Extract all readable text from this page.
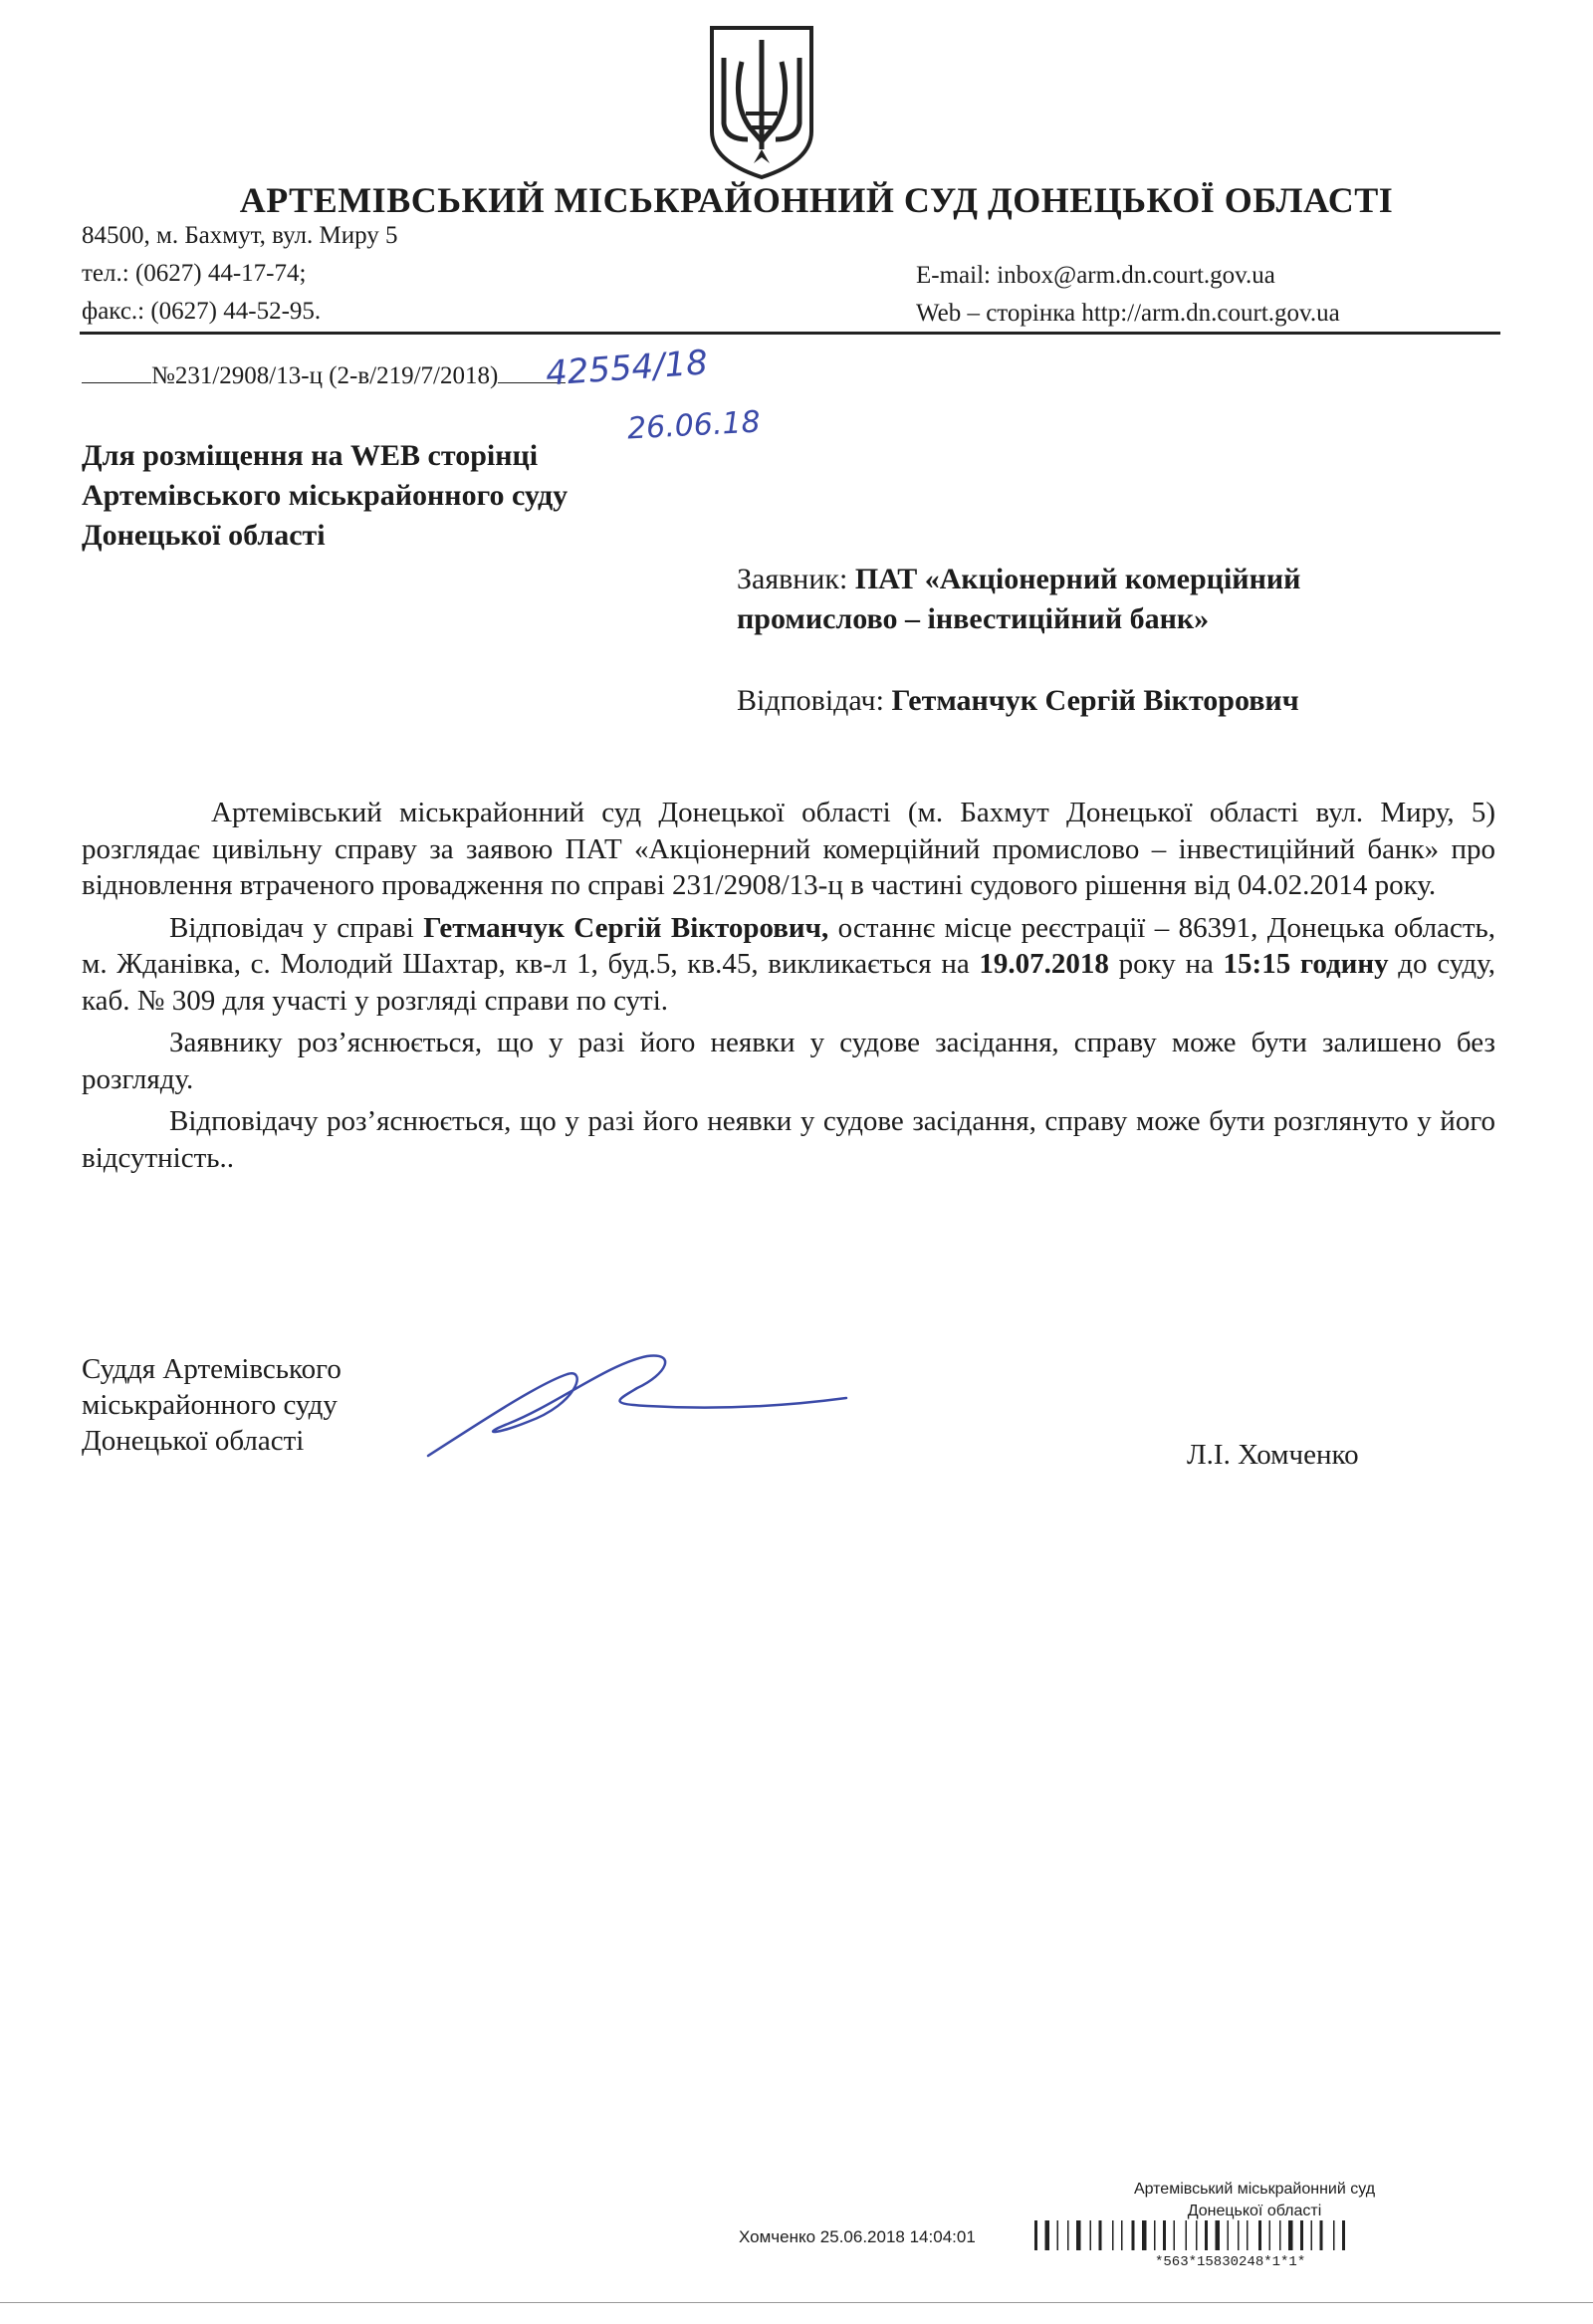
АРТЕМІВСЬКИЙ МІСЬКРАЙОННИЙ СУД ДОНЕЦЬКОЇ ОБЛАСТІ
84500, м. Бахмут, вул. Миру 5
тел.: (0627) 44-17-74;
факс.: (0627) 44-52-95.
E-mail: inbox@arm.dn.court.gov.ua
Web – сторінка http://arm.dn.court.gov.ua
№231/2908/13-ц (2-в/219/7/2018)	42554/18
26.06.18
Для розміщення на WEB сторінці
Артемівського міськрайонного суду
Донецької області
Заявник: ПАТ «Акціонерний комерційний
промислово – інвестиційний банк»
Відповідач: Гетманчук Сергій Вікторович

Артемівський міськрайонний суд Донецької області (м. Бахмут Донецької області вул. Миру, 5) розглядає цивільну справу за заявою ПАТ «Акціонерний комерційний промислово – інвестиційний банк» про відновлення втраченого провадження по справі 231/2908/13-ц в частині судового рішення від 04.02.2014 року.

Відповідач у справі Гетманчук Сергій Вікторович, останнє місце реєстрації – 86391, Донецька область, м. Жданівка, с. Молодий Шахтар, кв-л 1, буд.5, кв.45, викликається на 19.07.2018 року на 15:15 годину до суду, каб. № 309 для участі у розгляді справи по суті.

Заявнику роз’яснюється, що у разі його неявки у судове засідання, справу може бути залишено без розгляду.

Відповідачу роз’яснюється, що у разі його неявки у судове засідання, справу може бути розглянуто у його відсутність..

Суддя Артемівського
міськрайонного суду
Донецької області	Л.І. Хомченко
Артемівський міськрайонний суд
Донецької області
Хомченко 25.06.2018 14:04:01
*563*15830248*1*1*
